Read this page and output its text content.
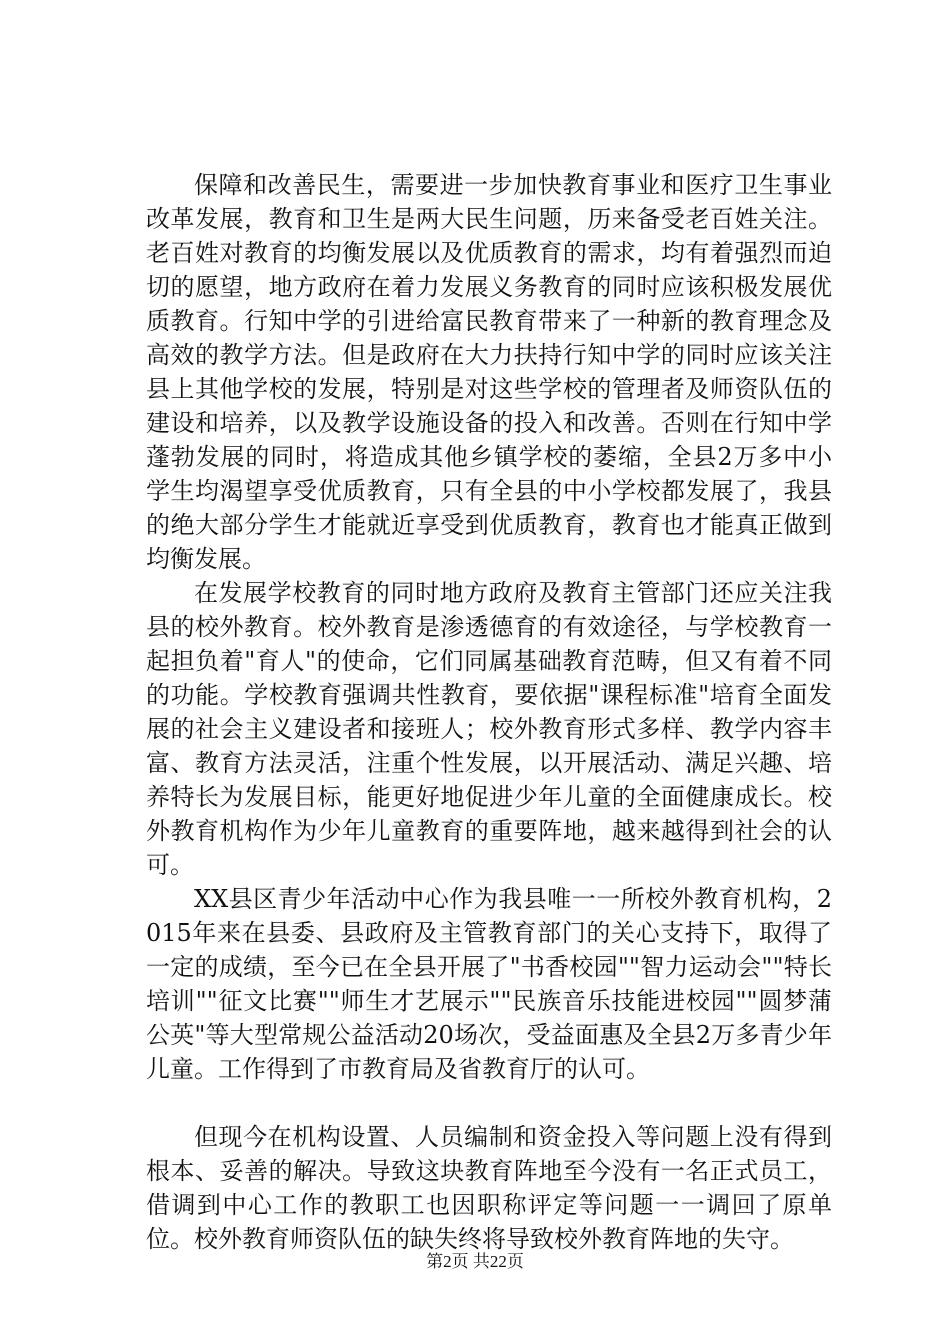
保障和改善民生，需要进一步加快教育事业和医疗卫生事业改革发展，教育和卫生是两大民生问题，历来备受老百姓关注。老百姓对教育的均衡发展以及优质教育的需求，均有着强烈而迫切的愿望，地方政府在着力发展义务教育的同时应该积极发展优质教育。行知中学的引进给富民教育带来了一种新的教育理念及高效的教学方法。但是政府在大力扶持行知中学的同时应该关注县上其他学校的发展，特别是对这些学校的管理者及师资队伍的建设和培养，以及教学设施设备的投入和改善。否则在行知中学蓬勃发展的同时，将造成其他乡镇学校的萎缩，全县2万多中小学生均渴望享受优质教育，只有全县的中小学校都发展了，我县的绝大部分学生才能就近享受到优质教育，教育也才能真正做到均衡发展。

在发展学校教育的同时地方政府及教育主管部门还应关注我县的校外教育。校外教育是渗透德育的有效途径，与学校教育一起担负着"育人"的使命，它们同属基础教育范畴，但又有着不同的功能。学校教育强调共性教育，要依据"课程标准"培育全面发展的社会主义建设者和接班人；校外教育形式多样、教学内容丰富、教育方法灵活，注重个性发展，以开展活动、满足兴趣、培养特长为发展目标，能更好地促进少年儿童的全面健康成长。校外教育机构作为少年儿童教育的重要阵地，越来越得到社会的认可。

XX县区青少年活动中心作为我县唯一一所校外教育机构，2015年来在县委、县政府及主管教育部门的关心支持下，取得了一定的成绩，至今已在全县开展了"书香校园""智力运动会""特长培训""征文比赛""师生才艺展示""民族音乐技能进校园""圆梦蒲公英"等大型常规公益活动20场次，受益面惠及全县2万多青少年儿童。工作得到了市教育局及省教育厅的认可。

但现今在机构设置、人员编制和资金投入等问题上没有得到根本、妥善的解决。导致这块教育阵地至今没有一名正式员工，借调到中心工作的教职工也因职称评定等问题一一调回了原单位。校外教育师资队伍的缺失终将导致校外教育阵地的失守。

第2页 共22页
